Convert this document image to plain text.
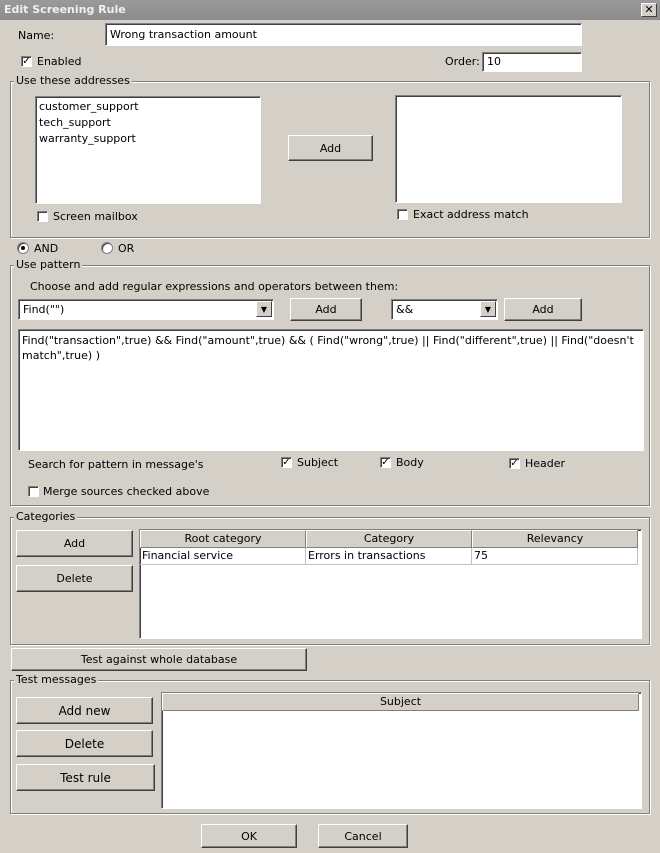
Edit Screening Rule	✕
Name:	Wrong transaction amount
✓ Enabled	Order: 10
Use these addresses
customer_support
tech_support
warranty_support
Add
Screen mailbox	Exact address match
AND	OR
Use pattern
Choose and add regular expressions and operators between them:
Find("")	▼	Add	&&	▼	Add
Find("transaction",true) && Find("amount",true) && ( Find("wrong",true) || Find("different",true) || Find("doesn't match",true) )
Search for pattern in message's	✓ Subject	✓ Body	✓ Header
Merge sources checked above
Categories
Add
Delete
Root category	Category	Relevancy
Financial service	Errors in transactions	75
Test against whole database
Test messages
Add new
Delete
Test rule
Subject
OK	Cancel
